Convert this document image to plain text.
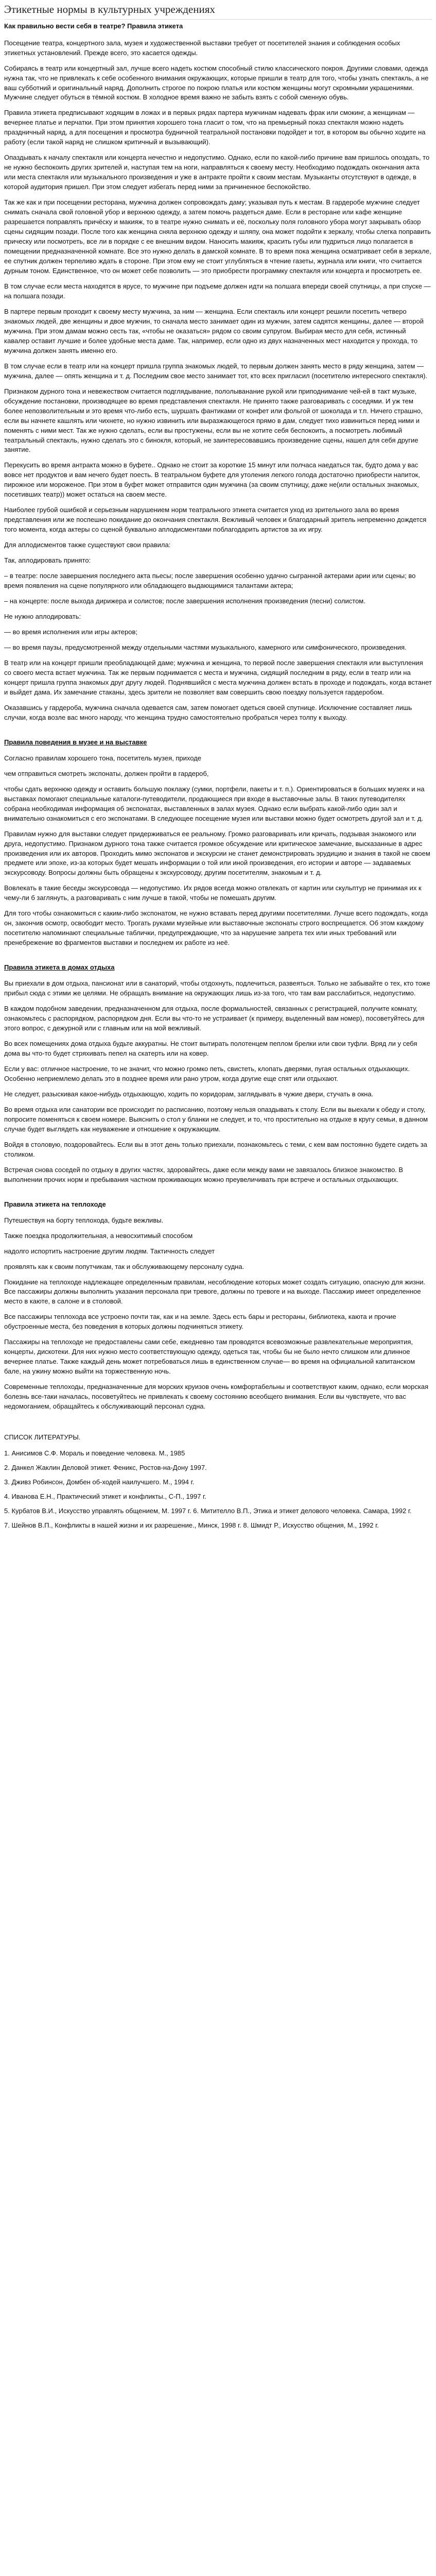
Этикетные нормы в культурных учреждениях
Как правильно вести себя в театре? Правила этикета

Посещение театра, концертного зала, музея и художественной выставки требует от посетителей знания и соблюдения особых этикетных установлений. Прежде всего, это касается одежды.

Собираясь в театр или концертный зал, лучше всего надеть костюм способный стилю классического покроя. Другими словами, одежда нужна так, что не привлекать к себе особенного внимания окружающих, которые пришли в театр для того, чтобы узнать спектакль, а не ваш субботний и оригинальный наряд. Дополнить строгое по покрою платья или костюм женщины могут скромными украшениями. Мужчине следует обуться в тёмной костюм. В холодное время важно не забыть взять с собой сменную обувь.

Правила этикета предписывают ходящим в ложах и в первых рядах партера мужчинам надевать фрак или смокинг, а женщинам — вечернее платье и перчатки. При этом принятия хорошего тона гласит о том, что на премьерный показ спектакля можно надеть праздничный наряд, а для посещения и просмотра будничной театральной постановки подойдет и тот, в котором вы обычно ходите на работу (если такой наряд не слишком критичный и вызывающий).

Опаздывать к началу спектакля или концерта нечестно и недопустимо. Однако, если по какой-либо причине вам пришлось опоздать, то не нужно беспокоить других зрителей и, наступая тем на ноги, направляться к своему месту. Необходимо подождать окончания акта или места спектакля или музыкального произведения и уже в антракте пройти к своим местам. Музыканты отсутствуют в одежде, в которой аудитория пришел. При этом следует избегать перед ними за причиненное беспокойство.

Так же как и при посещении ресторана, мужчина должен сопровождать даму; указывая путь к местам. В гардеробе мужчине следует снимать сначала свой головной убор и верхнюю одежду, а затем помочь раздеться даме. Если в ресторане или кафе женщине разрешается поправлять причёску и макияж, то в театре нужно снимать и её, поскольку поля головного убора могут закрывать обзор сцены сидящим позади. После того как женщина сняла верхнюю одежду и шляпу, она может подойти к зеркалу, чтобы слегка поправить прическу или посмотреть, все ли в порядке с ее внешним видом. Наносить макияж, красить губы или пудриться лицо полагается в помещении предназначенной комнате. Все это нужно делать в дамской комнате. В то время пока женщина осматривает себя в зеркале, ее спутник должен терпеливо ждать в стороне. При этом ему не стоит углубляться в чтение газеты, журнала или книги, что считается дурным тоном. Единственное, что он может себе позволить — это приобрести программку спектакля или концерта и просмотреть ее.

В том случае если места находятся в ярусе, то мужчине при подъеме должен идти на полшага впереди своей спутницы, а при спуске — на полшага позади.

В партере первым проходит к своему месту мужчина, за ним — женщина. Если спектакль или концерт решили посетить четверо знакомых людей, две женщины и двое мужчин, то сначала место занимает один из мужчин, затем садятся женщины, далее — второй мужчина. При этом дамам можно сесть так, «чтобы не оказаться» рядом со своим супругом. Выбирая место для себя, истинный кавалер оставит лучшие и более удобные места даме. Так, например, если одно из двух назначенных мест находится у прохода, то мужчина должен занять именно его.

В том случае если в театр или на концерт пришла группа знакомых людей, то первым должен занять место в ряду женщина, затем — мужчина, далее — опять женщина и т. д. Последним свое место занимает тот, кто всех пригласил (посетителю интересного спектакля).

Признаком дурного тона и невежеством считается подглядывание, пололыванание рукой или приподнимание чей-ей в такт музыке, обсуждение постановки, производящее во время представления спектакля. Не принято также разговаривать с соседями. И уж тем более непозволительным и это время что-либо есть, шуршать фантиками от конфет или фольгой от шоколада и т.п. Ничего страшно, если вы начнете кашлять или чихнете, но нужно извинить или выразжающегося прямо в дам, следует тихо извиниться перед ними и поменять с ними мест. Так же нужно сделать, если вы простужены, если вы не хотите себя беспокоить, а посмотреть любимый театральный спектакль, нужно сделать это с бинокля, который, не заинтересовавшись произведение сцены, нашел для себя другие занятие.

Перекусить во время антракта можно в буфете.. Однако не стоит за короткие 15 минут или полчаса наедаться так, будто дома у вас вовсе нет продуктов и вам нечего будет поесть. В театральном буфете для утоления легкого голода достаточно приобрести напиток, пирожное или мороженое. При этом в буфет может отправится один мужчина (за своим спутницу, даже не(или остальных знакомых, посетивших театр)) может остаться на своем месте.

Наиболее грубой ошибкой и серьезным нарушением норм театрального этикета считается уход из зрительного зала во время представления или же поспешно покидание до окончания спектакля. Вежливый человек и благодарный зритель непременно дождется того момента, когда актеры со сценой буквально аплодисментами поблагодарить артистов за их игру.

Для аплодисментов также существуют свои правила:

Так, аплодировать принято:

– в театре: после завершения последнего акта пьесы; после завершения особенно удачно сыгранной актерами арии или сцены; во время появления на сцене популярного или обладающего выдающимися талантами актера;

– на концерте: после выхода дирижера и солистов; после завершения исполнения произведения (песни) солистом.

Не нужно аплодировать:

— во время исполнения или игры актеров;

— во время паузы, предусмотренной между отдельными частями музыкального, камерного или симфонического, произведения.

В театр или на концерт пришли преобладающей даме; мужчина и женщина, то первой после завершения спектакля или выступления со своего места встает мужчина. Так же первым поднимается с места и мужчина, сидящий последним в ряду, если в театр или на концерт пришла группа знакомых друг другу людей. Поднявшийся с места мужчина должен встать в проходе и подождать, когда встанет и выйдет дама. Их замечание стаканы, здесь зрители не позволяет вам совершить свою поездку пользуется гардеробом.

Оказавшись у гардероба, мужчина сначала одевается сам, затем помогает одеться своей спутнице. Исключение составляет лишь случаи, когда возле вас много народу, что женщина трудно самостоятельно пробраться через толпу к выходу.

Правила поведения в музее и на выставке

Согласно правилам хорошего тона, посетитель музея, приходе

чем отправиться смотреть экспонаты, должен пройти в гардероб,

чтобы сдать верхнюю одежду и оставить большую поклажу (сумки, портфели, пакеты и т. п.). Ориентироваться в больших музеях и на выставках помогают специальные каталоги-путеводители, продающиеся при входе в выставочные залы. В таких путеводителях собрана необходимая информация об экспонатах, выставленных в залах музея. Однако если выбрать какой-либо один зал и внимательно ознакомиться с его экспонатами. В следующее посещение музея или выставки можно будет осмотреть другой зал и т. д.

Правилам нужно для выставки следует придерживаться ее реальному. Громко разговаривать или кричать, подзывая знакомого или друга, недопустимо. Признаком дурного тона также считается громкое обсуждение или критическое замечание, высказанные в адрес произведения или их авторов. Проходить мимо экспонатов и экскурсии не станет демонстрировать эрудицию и знания в такой не своем предмете или эпохе, из-за которых будет мешать информации о той или иной произведения, его истории и авторе — задаваемых экскурсоводу. Вопросы должны быть обращены к экскурсоводу, другим посетителям, знакомым и т. д.

Вовлекать в такие беседы экскурсовода — недопустимо. Их рядов всегда можно отвлекать от картин или скульптур не принимая их к чему-ли б заглянуть, а разговаривать с ним лучше в такой, чтобы не помешать другим.

Для того чтобы ознакомиться с каким-либо экспонатом, не нужно вставать перед другими посетителями. Лучше всего подождать, когда он, закончив осмотр, освободит место. Трогать руками музейные или выставочные экспонаты строго воспрещается. Об этом каждому посетителю напоминают специальные таблички, предупреждающие, что за нарушение запрета тех или иных требований или пренебрежение во фрагментов выставки и последнем их работе из неё.

Правила этикета в домах отдыха

Вы приехали в дом отдыха, пансионат или в санаторий, чтобы отдохнуть, подлечиться, развеяться. Только не забывайте о тех, кто тоже прибыл сюда с этими же целями. Не обращать внимание на окружающих лишь из-за того, что там вам расслабиться, недопустимо.

В каждом подобном заведении, предназначенном для отдыха, после формальностей, связанных с регистрацией, получите комнату, ознакомьтесь с распорядком, распорядком дня. Если вы что-то не устраивает (к примеру, выделенный вам номер), посоветуйтесь для этого вопрос, с дежурной или с главным или на мой вежливый.

Во всех помещениях дома отдыха будьте аккуратны. Не стоит вытирать полотенцем пеплом брелки или свои туфли. Вряд ли у себя дома вы что-то будет стряхивать пепел на скатерть или на ковер.

Если у вас: отличное настроение, то не значит, что можно громко петь, свистеть, клопать дверями, пугая остальных отдыхающих. Особенно неприемлемо делать это в позднее время или рано утром, когда другие еще спят или отдыхают.

Не следует, разыскивая какое-нибудь отдыхающую, ходить по коридорам, заглядывать в чужие двери, стучать в окна.

Во время отдыха или санатории все происходит по расписанию, поэтому нельзя опаздывать к столу. Если вы выехали к обеду и столу, попросите поменяться к своем номере. Выяснить о стол у бланки не следует, и то, что простительно на отдыхе в кругу семьи, в данном случае будет выглядеть как неуважение и отношение к окружающим.

Войдя в столовую, поздоровайтесь. Если вы в этот день только приехали, познакомьтесь с теми, с кем вам постоянно будете сидеть за столиком.

Встречая снова соседей по отдыху в других частях, здоровайтесь, даже если между вами не завязалось близкое знакомство. В выполнении прочих норм и пребывания частном проживающих можно преувеличивать при встрече и остальных отдыхающих.

Правила этикета на теплоходе

Путешествуя на борту теплохода, будьте вежливы.

Также поездка продолжительная, а невосхитимый способом

надолго испортить настроение другим людям. Тактичность следует

проявлять как к своим попутчикам, так и обслуживающему персоналу судна.

Покидание на теплоходе надлежащее определенным правилам, несоблюдение которых может создать ситуацию, опасную для жизни. Все пассажиры должны выполнить указания персонала при тревоге, должны по тревоге и на выходе. Пассажир имеет определенное место в каюте, в салоне и в столовой.

Все пассажиры теплохода все устроено почти так, как и на земле. Здесь есть бары и рестораны, библиотека, каюта и прочие обустроенные места, без поведения в которых должны подчиняться этикету.

Пассажиры на теплоходе не предоставлены сами себе, ежедневно там проводятся всевозможные развлекательные мероприятия, концерты, дискотеки. Для них нужно место соответствующую одежду, одеться так, чтобы бы не было нечто слишком или длинное вечернее платье. Также каждый день может потребоваться лишь в единственном случае— во время на официальной капитанском бале, на ужину можно выйти на торжественную ночь.

Современные теплоходы, предназначенные для морских круизов очень комфортабельны и соответствуют каким, однако, если морская болезнь все-таки началась, посоветуйтесь не привлекать к своему состоянию всеобщего внимания. Если вы чувствуете, что вас недомоганием, обращайтесь к обслуживающий персонал судна.

СПИСОК ЛИТЕРАТУРЫ.

1. Анисимов С.Ф. Мораль и поведение человека. М., 1985

2. Данкел Жаклин Деловой этикет. Феникс, Ростов-на-Дону 1997.

3. Дживз Робинсон, Домбен об-ходей наилучшего. М., 1994 г.

4. Иванова Е.Н., Практический этикет и конфликты., С-П., 1997 г.

5. Курбатов В.И., Искусство управлять общением, М. 1997 г. 6. Митителло В.П., Этика и этикет делового человека. Самара, 1992 г.

7. Шейнов В.П., Конфликты в нашей жизни и их разрешение., Минск, 1998 г. 8. Шмидт Р., Искусство общения, М., 1992 г.
